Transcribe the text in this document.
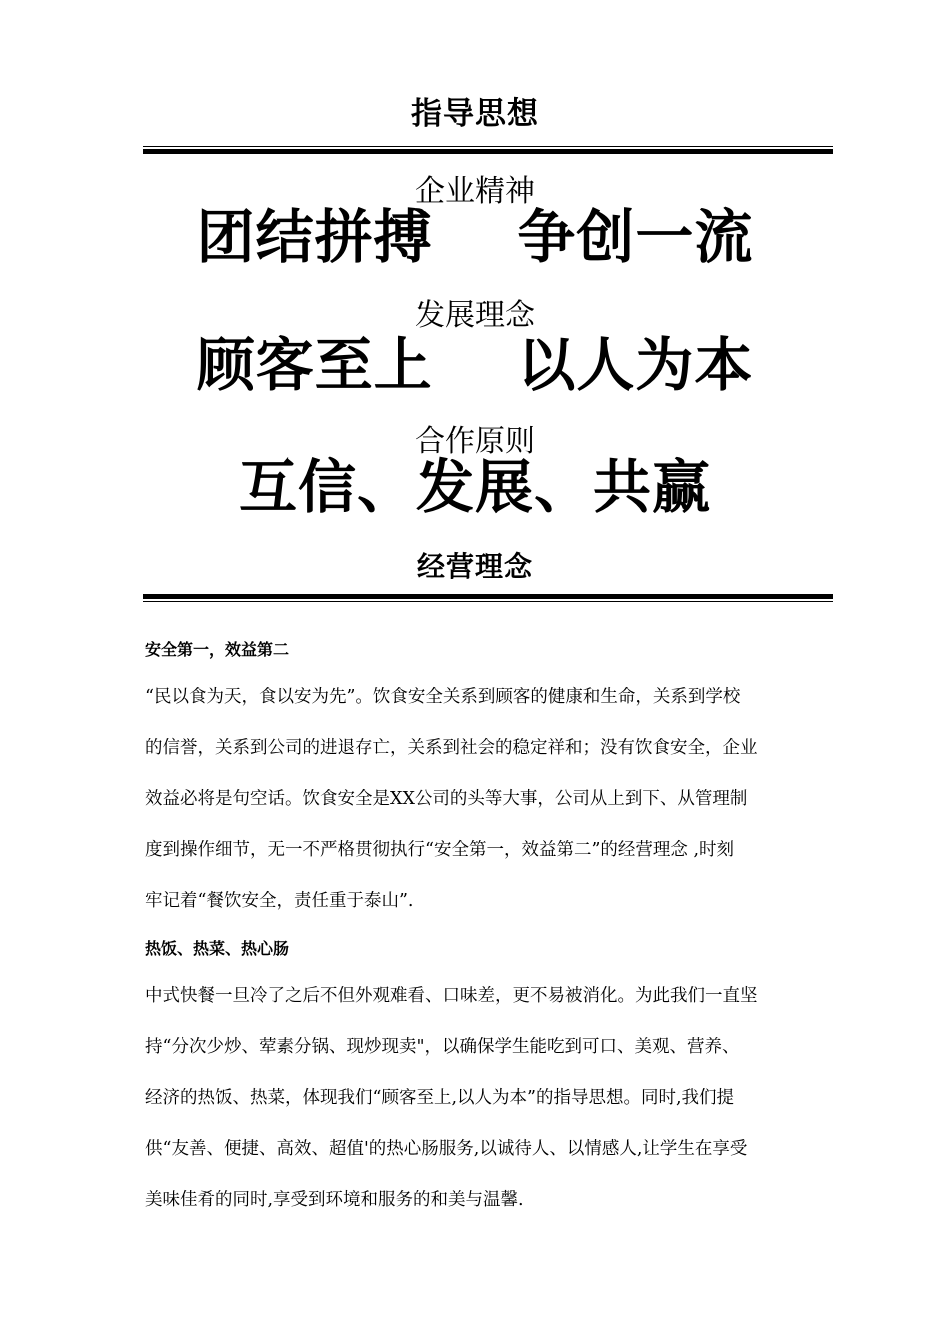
指导思想
企业精神
团结拼搏    争创一流
发展理念
顾客至上    以人为本
合作原则
互信、发展、共赢
经营理念
安全第一，效益第二
“民以食为天，食以安为先”。饮食安全关系到顾客的健康和生命，关系到学校
的信誉，关系到公司的进退存亡，关系到社会的稳定祥和；没有饮食安全，企业
效益必将是句空话。饮食安全是XX公司的头等大事，公司从上到下、从管理制
度到操作细节，无一不严格贯彻执行“安全第一，效益第二”的经营理念 ,时刻
牢记着“餐饮安全，责任重于泰山”.
热饭、热菜、热心肠
中式快餐一旦冷了之后不但外观难看、口味差，更不易被消化。为此我们一直坚
持“分次少炒、荤素分锅、现炒现卖"，以确保学生能吃到可口、美观、营养、
经济的热饭、热菜，体现我们“顾客至上,以人为本”的指导思想。同时,我们提
供“友善、便捷、高效、超值'的热心肠服务,以诚待人、以情感人,让学生在享受
美味佳肴的同时,享受到环境和服务的和美与温馨.
